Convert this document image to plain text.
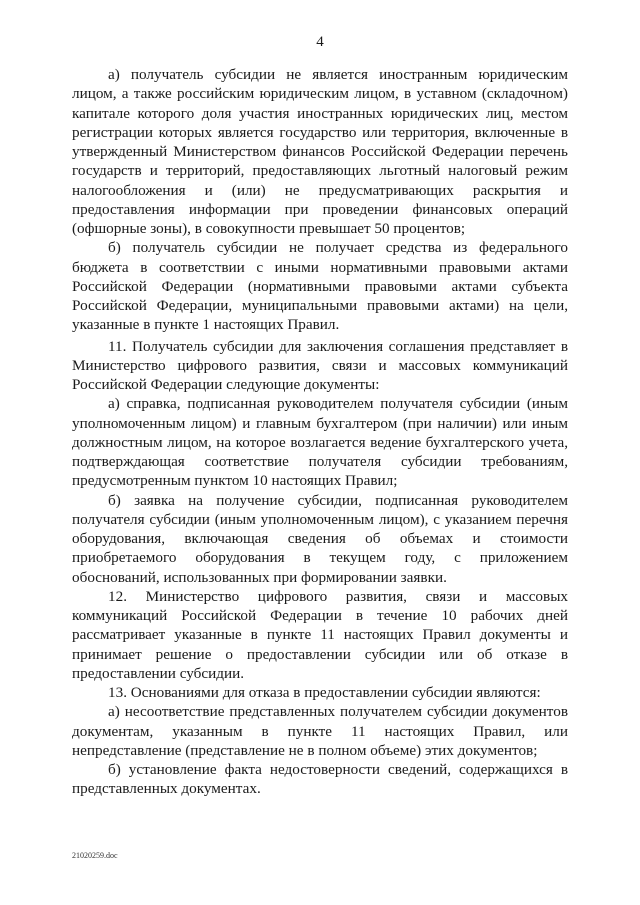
4

а) получатель субсидии не является иностранным юридическим лицом, а также российским юридическим лицом, в уставном (складочном) капитале которого доля участия иностранных юридических лиц, местом регистрации которых является государство или территория, включенные в утвержденный Министерством финансов Российской Федерации перечень государств и территорий, предоставляющих льготный налоговый режим налогообложения и (или) не предусматривающих раскрытия и предоставления информации при проведении финансовых операций (офшорные зоны), в совокупности превышает 50 процентов;

б) получатель субсидии не получает средства из федерального бюджета в соответствии с иными нормативными правовыми актами Российской Федерации (нормативными правовыми актами субъекта Российской Федерации, муниципальными правовыми актами) на цели, указанные в пункте 1 настоящих Правил.

11. Получатель субсидии для заключения соглашения представляет в Министерство цифрового развития, связи и массовых коммуникаций Российской Федерации следующие документы:

а) справка, подписанная руководителем получателя субсидии (иным уполномоченным лицом) и главным бухгалтером (при наличии) или иным должностным лицом, на которое возлагается ведение бухгалтерского учета, подтверждающая соответствие получателя субсидии требованиям, предусмотренным пунктом 10 настоящих Правил;

б) заявка на получение субсидии, подписанная руководителем получателя субсидии (иным уполномоченным лицом), с указанием перечня оборудования, включающая сведения об объемах и стоимости приобретаемого оборудования в текущем году, с приложением обоснований, использованных при формировании заявки.

12. Министерство цифрового развития, связи и массовых коммуникаций Российской Федерации в течение 10 рабочих дней рассматривает указанные в пункте 11 настоящих Правил документы и принимает решение о предоставлении субсидии или об отказе в предоставлении субсидии.

13. Основаниями для отказа в предоставлении субсидии являются:

а) несоответствие представленных получателем субсидии документов документам, указанным в пункте 11 настоящих Правил, или непредставление (представление не в полном объеме) этих документов;

б) установление факта недостоверности сведений, содержащихся в представленных документах.

21020259.doc
